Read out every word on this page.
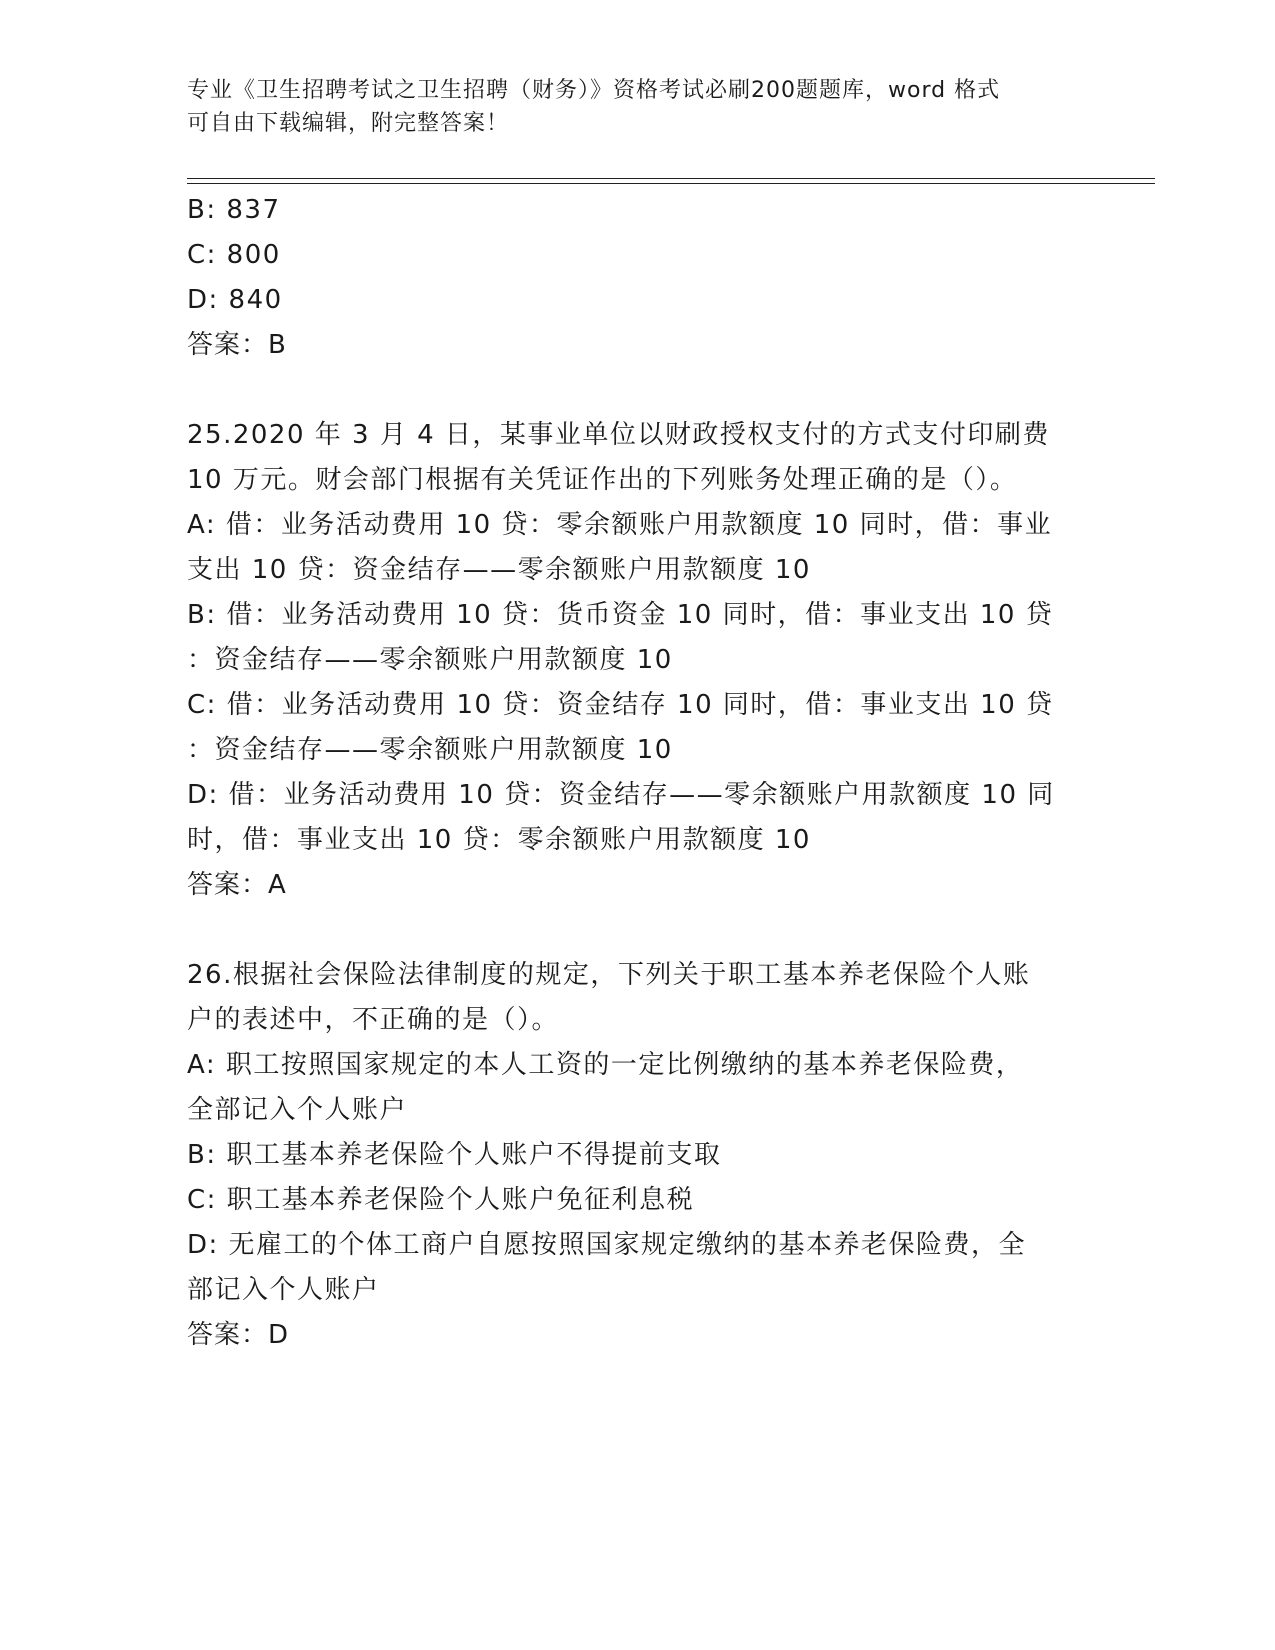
专业《卫生招聘考试之卫生招聘（财务）》资格考试必刷200题题库，word 格式
可自由下载编辑，附完整答案！
B: 837
C: 800
D: 840
答案：B
25.2020 年 3 月 4 日，某事业单位以财政授权支付的方式支付印刷费
10 万元。财会部门根据有关凭证作出的下列账务处理正确的是（）。
A: 借：业务活动费用 10 贷：零余额账户用款额度 10 同时，借：事业
支出 10 贷：资金结存——零余额账户用款额度 10
B: 借：业务活动费用 10 贷：货币资金 10 同时，借：事业支出 10 贷
：资金结存——零余额账户用款额度 10
C: 借：业务活动费用 10 贷：资金结存 10 同时，借：事业支出 10 贷
：资金结存——零余额账户用款额度 10
D: 借：业务活动费用 10 贷：资金结存——零余额账户用款额度 10 同
时，借：事业支出 10 贷：零余额账户用款额度 10
答案：A
26.根据社会保险法律制度的规定，下列关于职工基本养老保险个人账
户的表述中，不正确的是（）。
A: 职工按照国家规定的本人工资的一定比例缴纳的基本养老保险费，
全部记入个人账户
B: 职工基本养老保险个人账户不得提前支取
C: 职工基本养老保险个人账户免征利息税
D: 无雇工的个体工商户自愿按照国家规定缴纳的基本养老保险费，全
部记入个人账户
答案：D
